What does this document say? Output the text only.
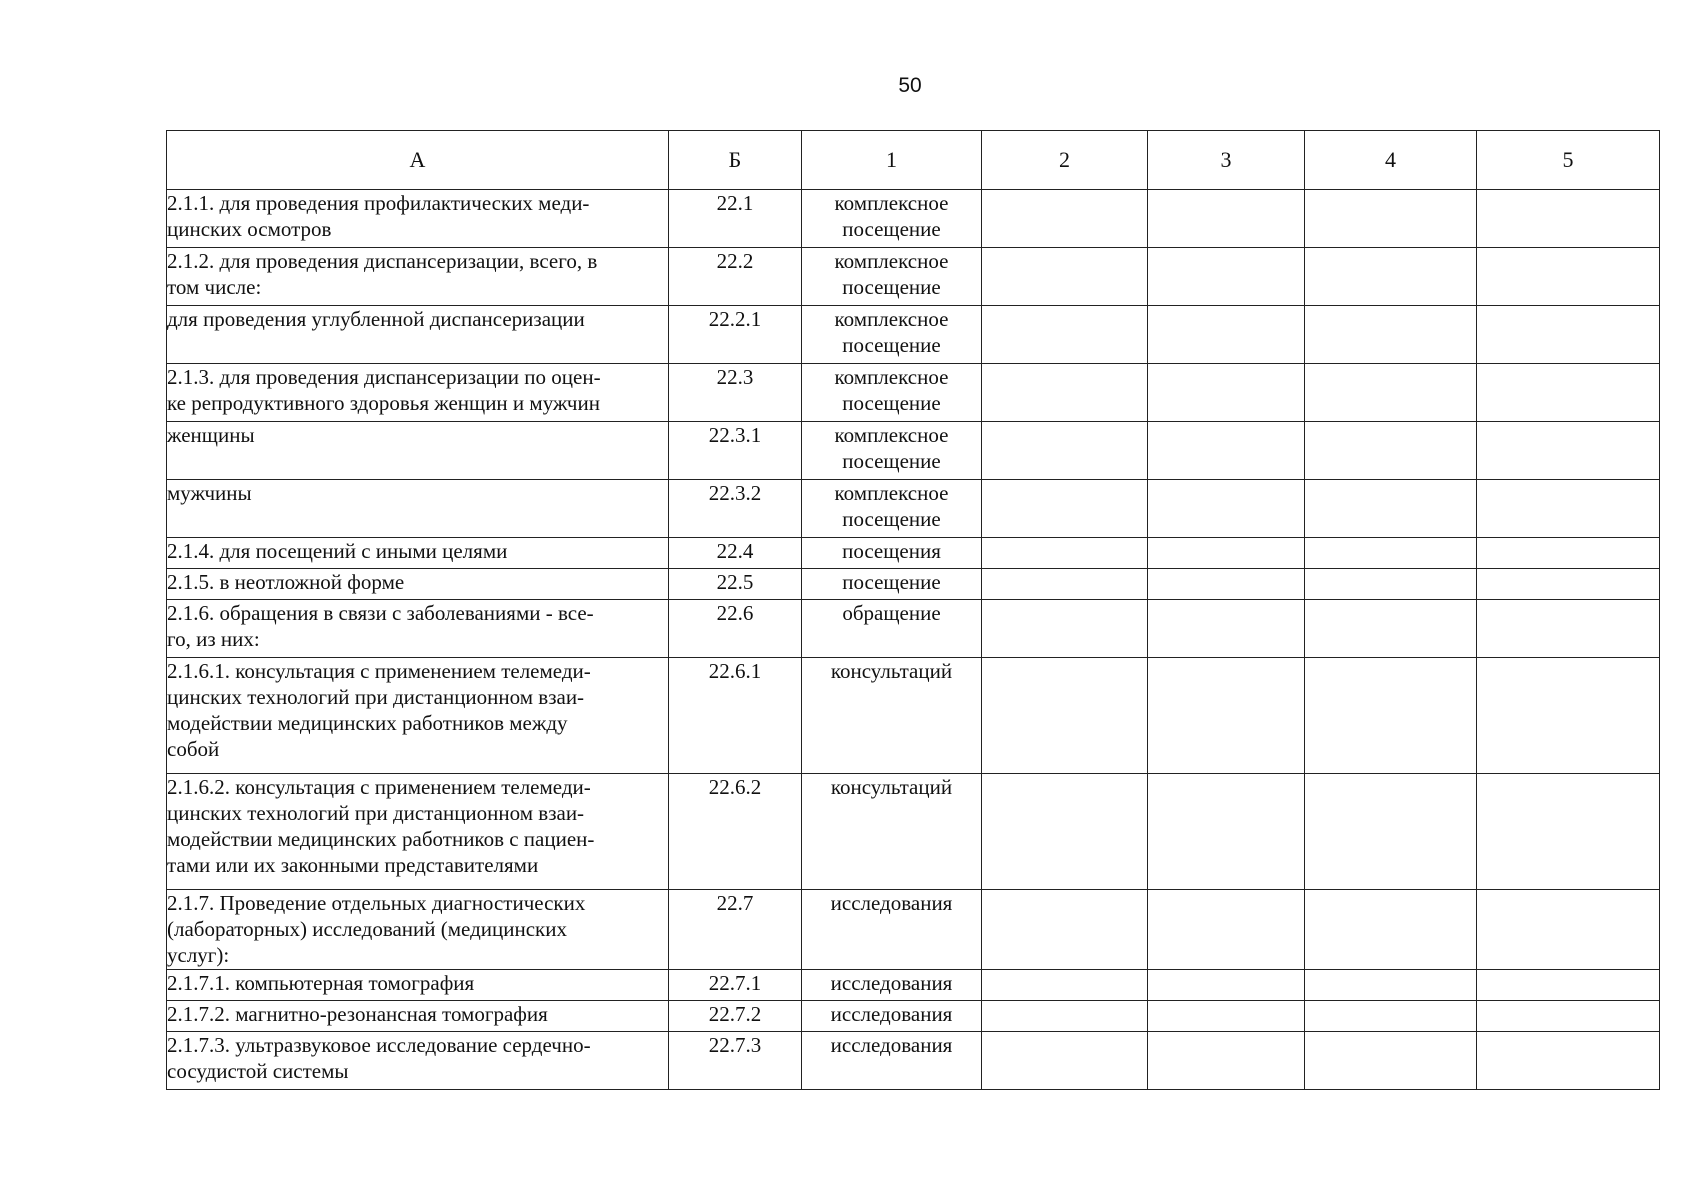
50
А	Б	1	2	3	4	5
2.1.1. для проведения профилактических меди-
цинских осмотров	22.1	комплексное
посещение				
2.1.2. для проведения диспансеризации, всего, в
том числе:	22.2	комплексное
посещение				
для проведения углубленной диспансеризации	22.2.1	комплексное
посещение				
2.1.3. для проведения диспансеризации по оцен-
ке репродуктивного здоровья женщин и мужчин	22.3	комплексное
посещение				
женщины	22.3.1	комплексное
посещение				
мужчины	22.3.2	комплексное
посещение				
2.1.4. для посещений с иными целями	22.4	посещения				
2.1.5. в неотложной форме	22.5	посещение				
2.1.6. обращения в связи с заболеваниями - все-
го, из них:	22.6	обращение				
2.1.6.1. консультация с применением телемеди-
цинских технологий при дистанционном взаи-
модействии медицинских работников между
собой	22.6.1	консультаций				
2.1.6.2. консультация с применением телемеди-
цинских технологий при дистанционном взаи-
модействии медицинских работников с пациен-
тами или их законными представителями	22.6.2	консультаций				
2.1.7. Проведение отдельных диагностических
(лабораторных) исследований (медицинских
услуг):	22.7	исследования				
2.1.7.1. компьютерная томография	22.7.1	исследования				
2.1.7.2. магнитно-резонансная томография	22.7.2	исследования				
2.1.7.3. ультразвуковое исследование сердечно-
сосудистой системы	22.7.3	исследования				
